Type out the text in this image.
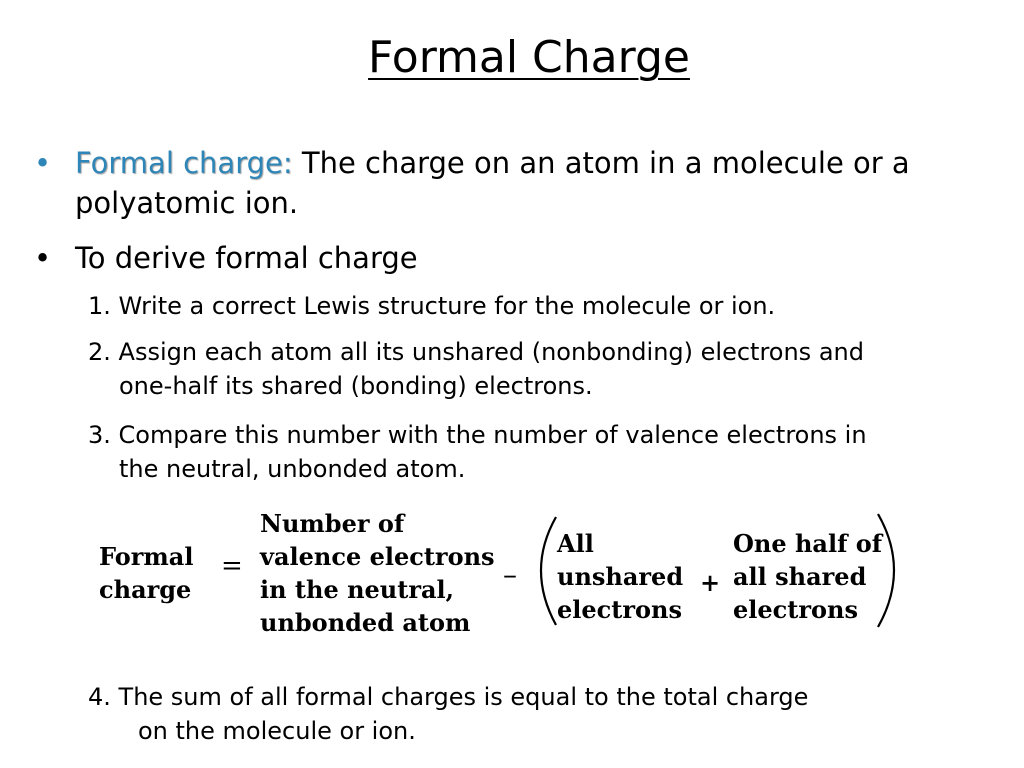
Formal Charge
• Formal charge: The charge on an atom in a molecule or a polyatomic ion.
• To derive formal charge
1. Write a correct Lewis structure for the molecule or ion.
2. Assign each atom all its unshared (nonbonding) electrons and
one-half its shared (bonding) electrons.
3. Compare this number with the number of valence electrons in
the neutral, unbonded atom.
Formal
charge
=
Number of
valence electrons
in the neutral,
unbonded atom
–
All
unshared
electrons
+
One half of
all shared
electrons
4. The sum of all formal charges is equal to the total charge
on the molecule or ion.
